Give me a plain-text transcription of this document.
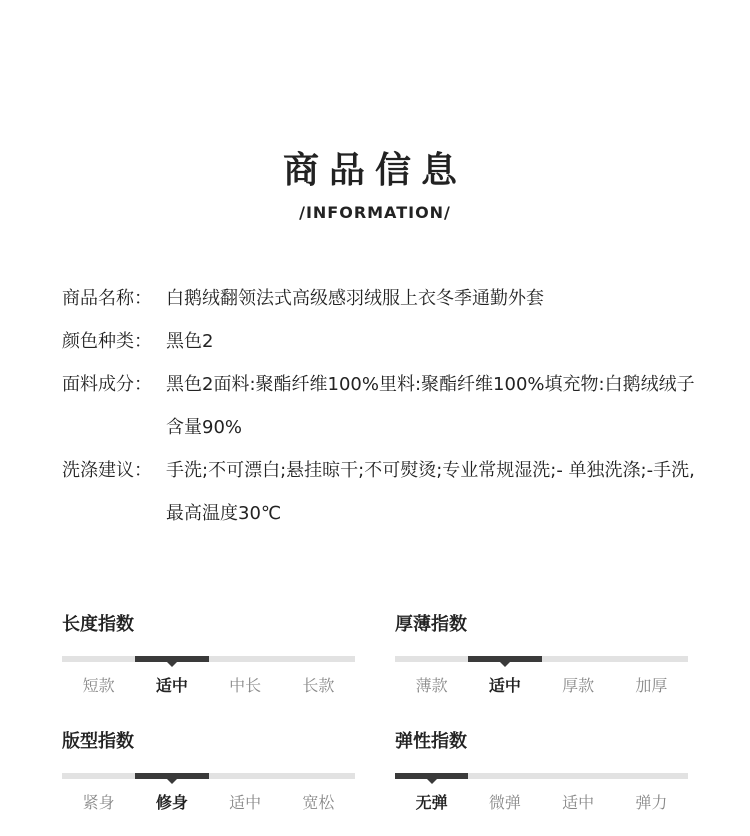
商品信息
/INFORMATION/
商品名称： 白鹅绒翻领法式高级感羽绒服上衣冬季通勤外套
颜色种类： 黑色2
面料成分： 黑色2面料:聚酯纤维100%里料:聚酯纤维100%填充物:白鹅绒绒子含量90%
洗涤建议： 手洗;不可漂白;悬挂晾干;不可熨烫;专业常规湿洗;- 单独洗涤;-手洗,最高温度30℃
长度指数
短款	适中	中长	长款
厚薄指数
薄款	适中	厚款	加厚
版型指数
紧身	修身	适中	宽松
弹性指数
无弹	微弹	适中	弹力
